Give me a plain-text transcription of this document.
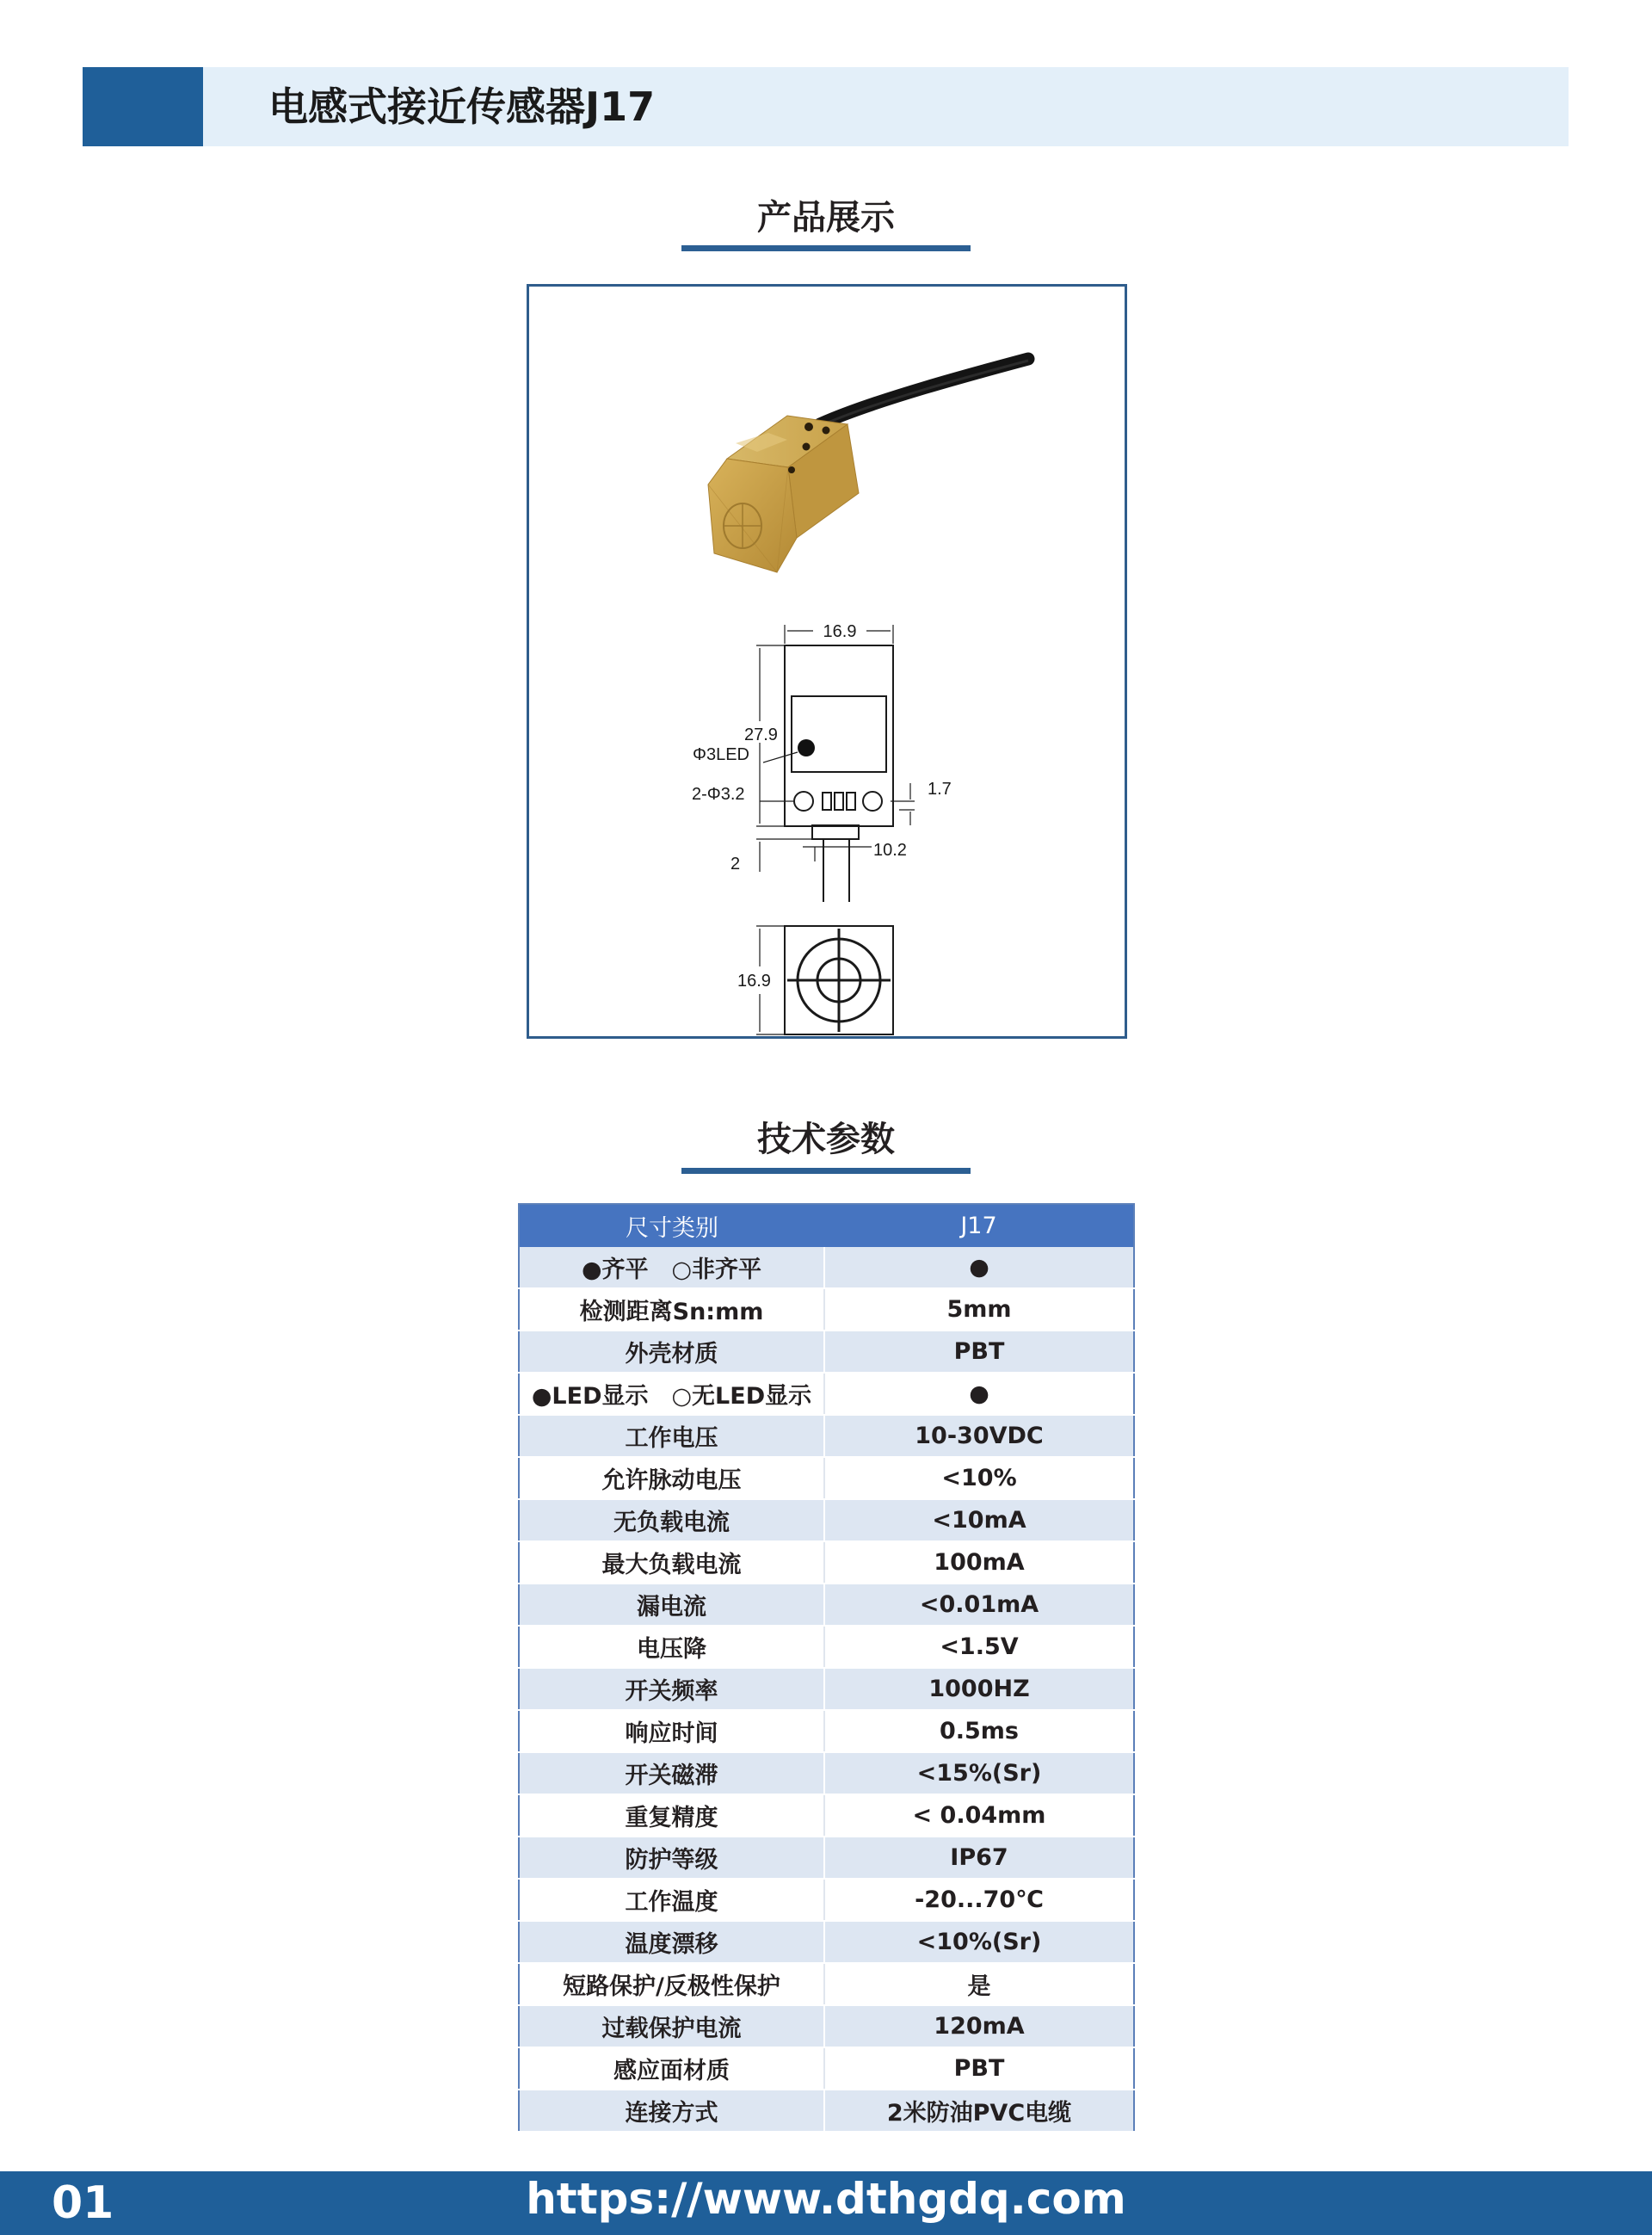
电感式接近传感器J17
产品展示
16.9
27.9
Φ3LED
2-Φ3.2	1.7
2
10.2
16.9
技术参数
尺寸类别	J17
●齐平　○非齐平	●
检测距离Sn:mm	5mm
外壳材质	PBT
●LED显示　○无LED显示	●
工作电压	10-30VDC
允许脉动电压	<10%
无负载电流	<10mA
最大负载电流	100mA
漏电流	<0.01mA
电压降	<1.5V
开关频率	1000HZ
响应时间	0.5ms
开关磁滞	<15%(Sr)
重复精度	< 0.04mm
防护等级	IP67
工作温度	-20...70℃
温度漂移	<10%(Sr)
短路保护/反极性保护	是
过载保护电流	120mA
感应面材质	PBT
连接方式	2米防油PVC电缆
01	https://www.dthgdq.com
